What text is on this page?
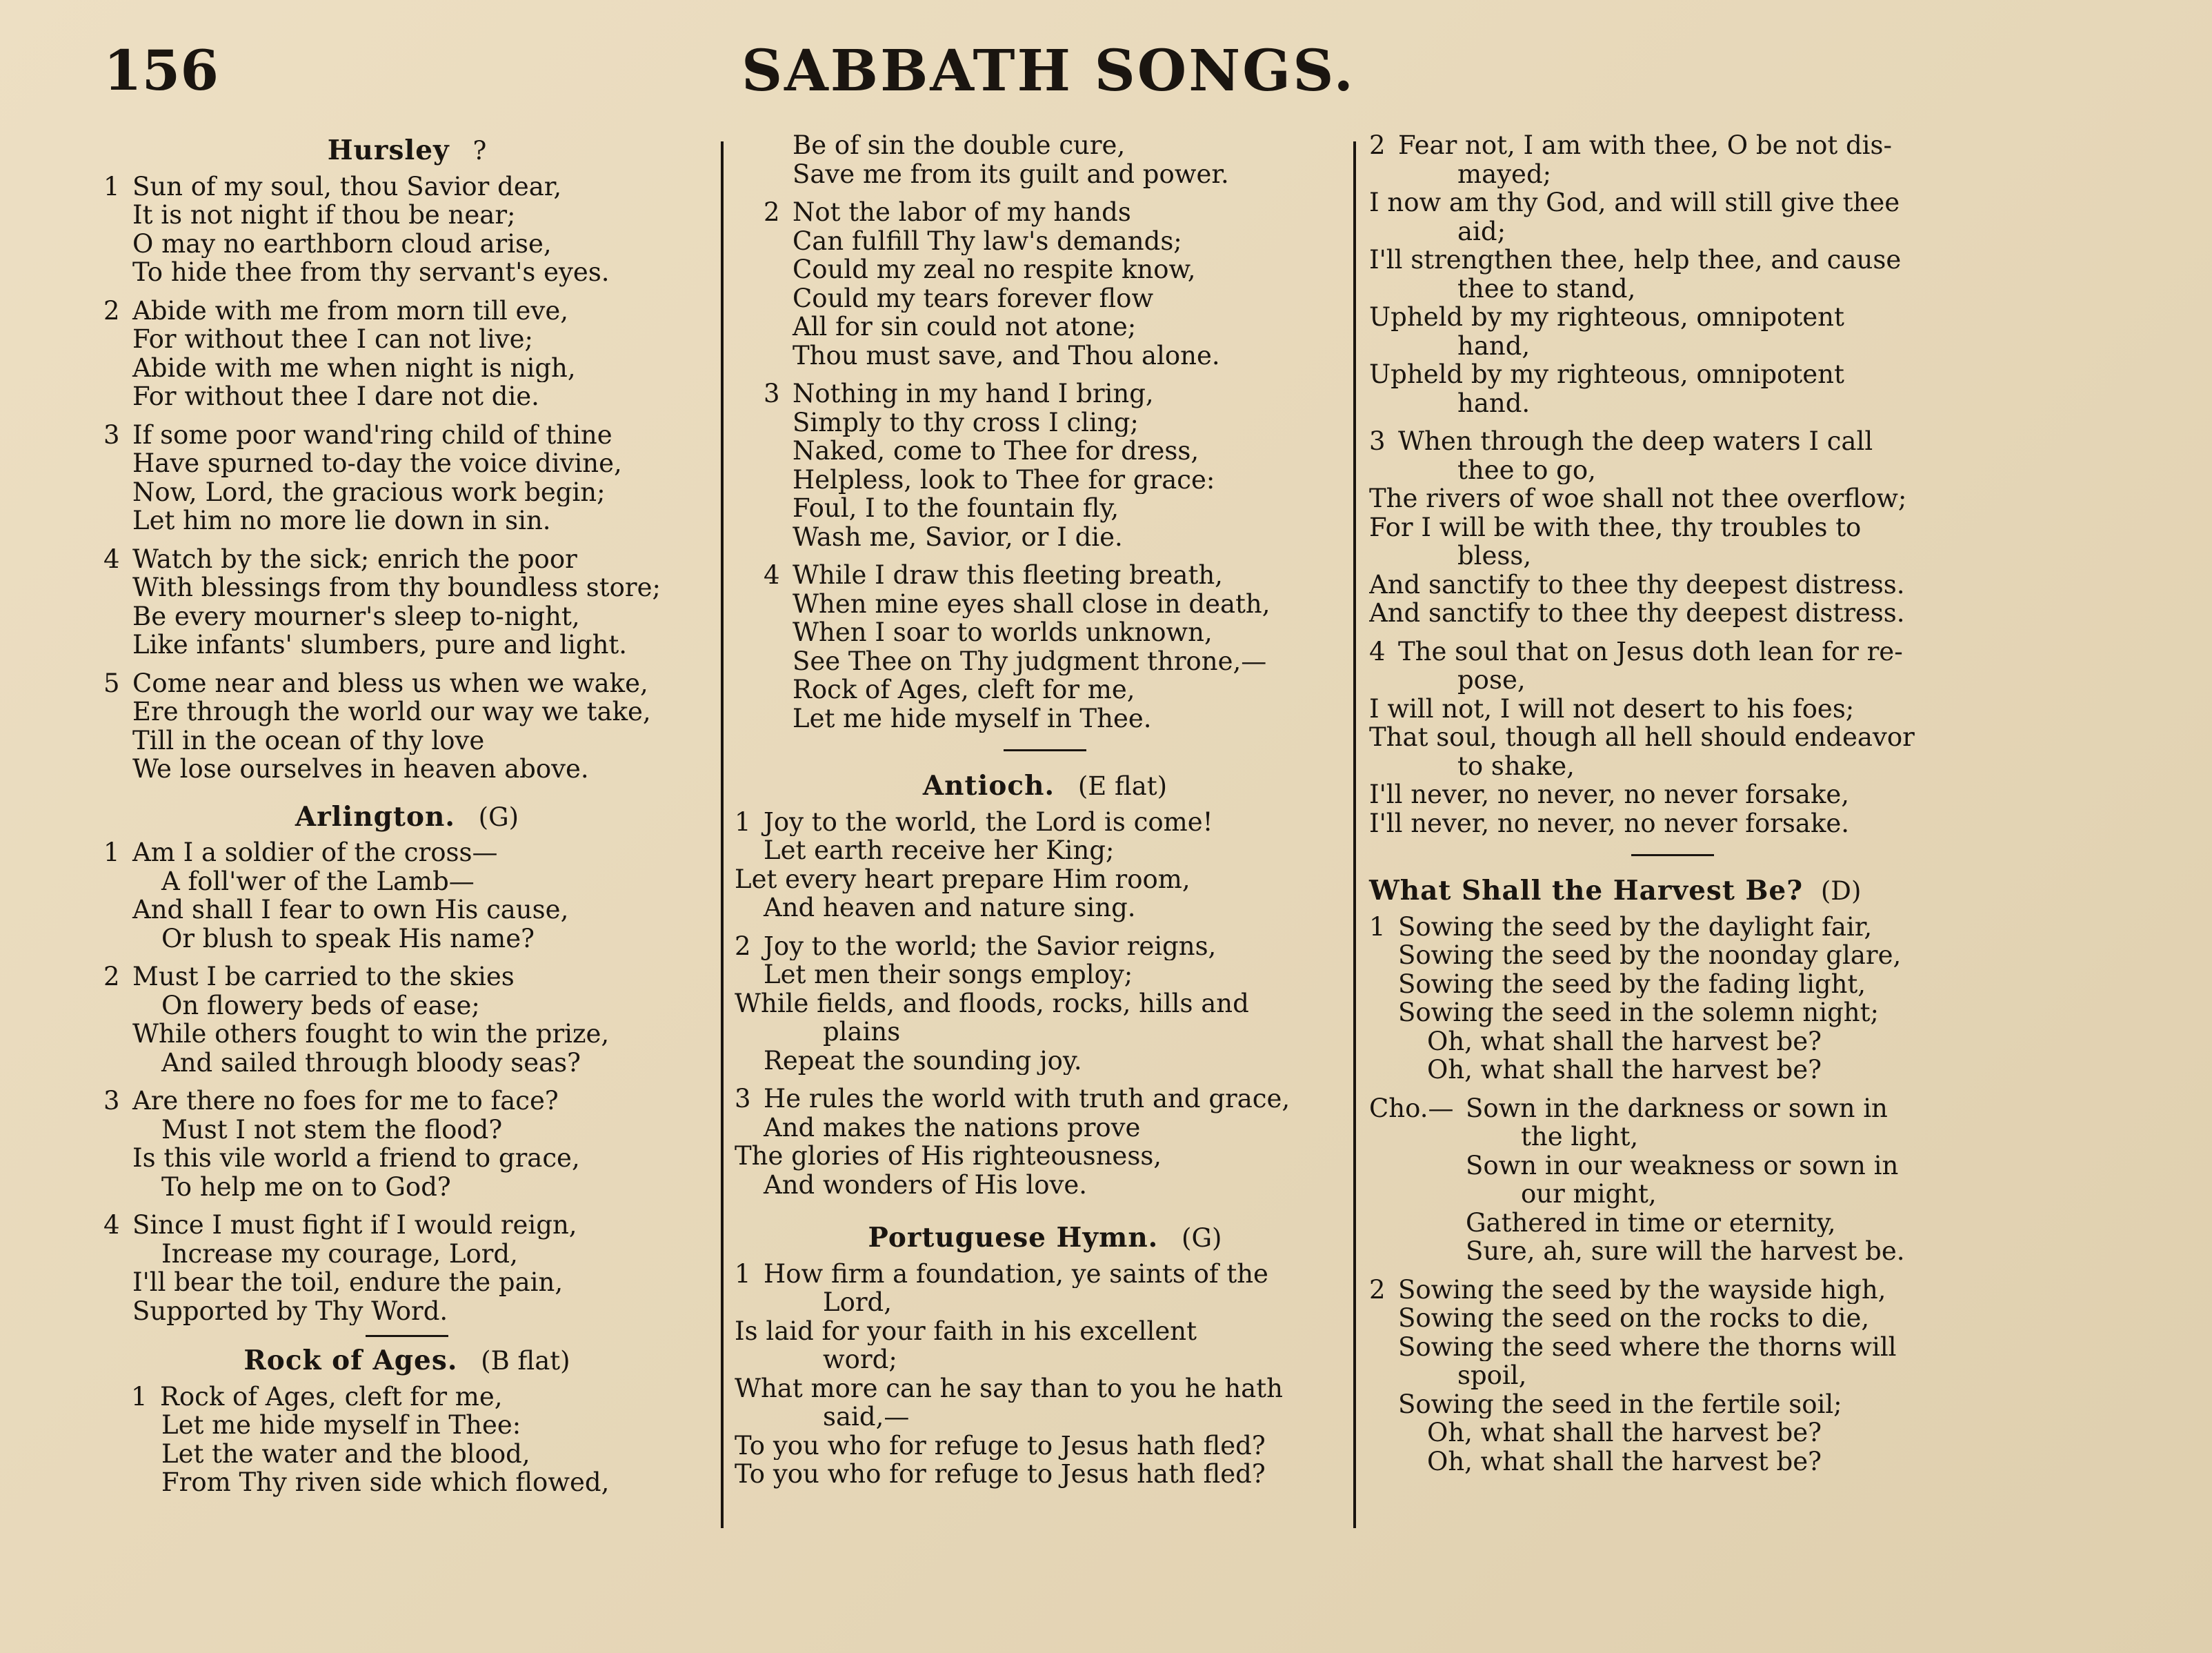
156	SABBATH SONGS.
Hursley ?
1 Sun of my soul, thou Savior dear,
It is not night if thou be near;
O may no earthborn cloud arise,
To hide thee from thy servant's eyes.
2 Abide with me from morn till eve,
For without thee I can not live;
Abide with me when night is nigh,
For without thee I dare not die.
3 If some poor wand'ring child of thine
Have spurned to-day the voice divine,
Now, Lord, the gracious work begin;
Let him no more lie down in sin.
4 Watch by the sick; enrich the poor
With blessings from thy boundless store;
Be every mourner's sleep to-night,
Like infants' slumbers, pure and light.
5 Come near and bless us when we wake,
Ere through the world our way we take,
Till in the ocean of thy love
We lose ourselves in heaven above.
Arlington. (G)
1 Am I a soldier of the cross—
A foll'wer of the Lamb—
And shall I fear to own His cause,
Or blush to speak His name?
2 Must I be carried to the skies
On flowery beds of ease;
While others fought to win the prize,
And sailed through bloody seas?
3 Are there no foes for me to face?
Must I not stem the flood?
Is this vile world a friend to grace,
To help me on to God?
4 Since I must fight if I would reign,
Increase my courage, Lord,
I'll bear the toil, endure the pain,
Supported by Thy Word.
Rock of Ages. (B flat)
1 Rock of Ages, cleft for me,
Let me hide myself in Thee:
Let the water and the blood,
From Thy riven side which flowed,
Be of sin the double cure,
Save me from its guilt and power.
2 Not the labor of my hands
Can fulfill Thy law's demands;
Could my zeal no respite know,
Could my tears forever flow
All for sin could not atone;
Thou must save, and Thou alone.
3 Nothing in my hand I bring,
Simply to thy cross I cling;
Naked, come to Thee for dress,
Helpless, look to Thee for grace:
Foul, I to the fountain fly,
Wash me, Savior, or I die.
4 While I draw this fleeting breath,
When mine eyes shall close in death,
When I soar to worlds unknown,
See Thee on Thy judgment throne,—
Rock of Ages, cleft for me,
Let me hide myself in Thee.
Antioch. (E flat)
1 Joy to the world, the Lord is come!
Let earth receive her King;
Let every heart prepare Him room,
And heaven and nature sing.
2 Joy to the world; the Savior reigns,
Let men their songs employ;
While fields, and floods, rocks, hills and
plains
Repeat the sounding joy.
3 He rules the world with truth and grace,
And makes the nations prove
The glories of His righteousness,
And wonders of His love.
Portuguese Hymn. (G)
1 How firm a foundation, ye saints of the
Lord,
Is laid for your faith in his excellent
word;
What more can he say than to you he hath
said,—
To you who for refuge to Jesus hath fled?
To you who for refuge to Jesus hath fled?
2 Fear not, I am with thee, O be not dis-
mayed;
I now am thy God, and will still give thee
aid;
I'll strengthen thee, help thee, and cause
thee to stand,
Upheld by my righteous, omnipotent
hand,
Upheld by my righteous, omnipotent
hand.
3 When through the deep waters I call
thee to go,
The rivers of woe shall not thee overflow;
For I will be with thee, thy troubles to
bless,
And sanctify to thee thy deepest distress.
And sanctify to thee thy deepest distress.
4 The soul that on Jesus doth lean for re-
pose,
I will not, I will not desert to his foes;
That soul, though all hell should endeavor
to shake,
I'll never, no never, no never forsake,
I'll never, no never, no never forsake.
What Shall the Harvest Be? (D)
1 Sowing the seed by the daylight fair,
Sowing the seed by the noonday glare,
Sowing the seed by the fading light,
Sowing the seed in the solemn night;
Oh, what shall the harvest be?
Oh, what shall the harvest be?
Cho.— Sown in the darkness or sown in
the light,
Sown in our weakness or sown in
our might,
Gathered in time or eternity,
Sure, ah, sure will the harvest be.
2 Sowing the seed by the wayside high,
Sowing the seed on the rocks to die,
Sowing the seed where the thorns will
spoil,
Sowing the seed in the fertile soil;
Oh, what shall the harvest be?
Oh, what shall the harvest be?
